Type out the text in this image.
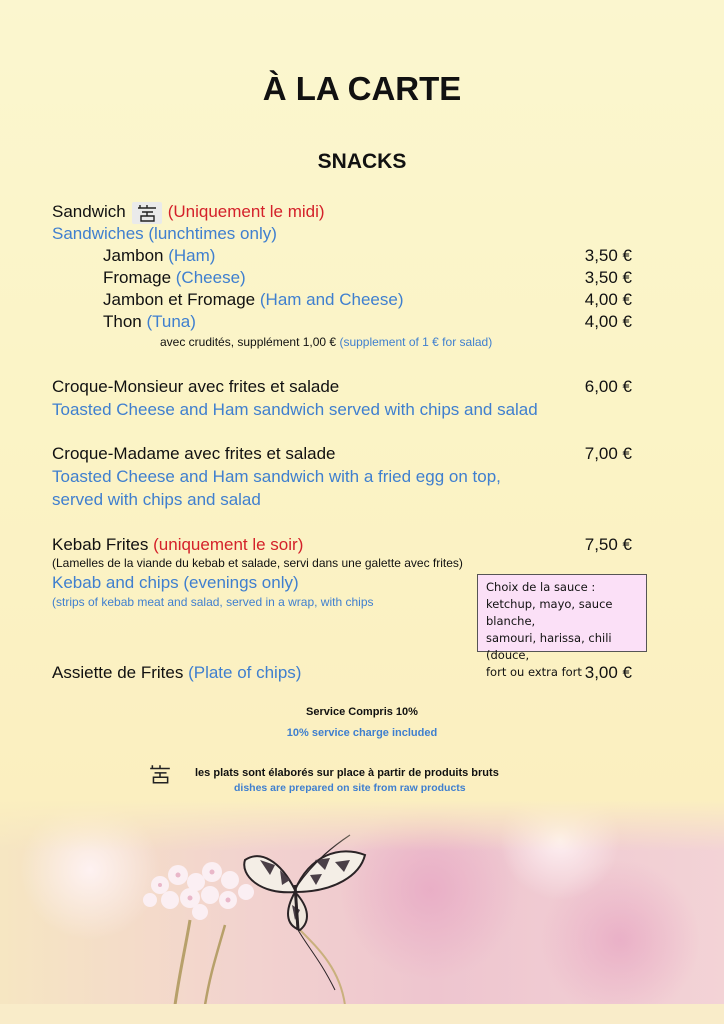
À LA CARTE
SNACKS
Sandwich (Uniquement le midi)
Sandwiches (lunchtimes only)
Jambon (Ham)	3,50 €
Fromage (Cheese)	3,50 €
Jambon et Fromage (Ham and Cheese)	4,00 €
Thon (Tuna)	4,00 €
avec crudités, supplément 1,00 € (supplement of 1 € for salad)
Croque-Monsieur avec frites et salade	6,00 €
Toasted Cheese and Ham sandwich served with chips and salad
Croque-Madame avec frites et salade	7,00 €
Toasted Cheese and Ham sandwich with a fried egg on top,
served with chips and salad
Kebab Frites (uniquement le soir)	7,50 €
(Lamelles de la viande du kebab et salade, servi dans une galette avec frites)
Kebab and chips (evenings only)
(strips of kebab meat and salad, served in a wrap, with chips
Choix de la sauce :
ketchup, mayo, sauce blanche,
samouri, harissa, chili (douce,
fort ou extra fort
Assiette de Frites (Plate of chips)	3,00 €
Service Compris 10%
10% service charge included
les plats sont élaborés sur place à partir de produits bruts
dishes are prepared on site from raw products
